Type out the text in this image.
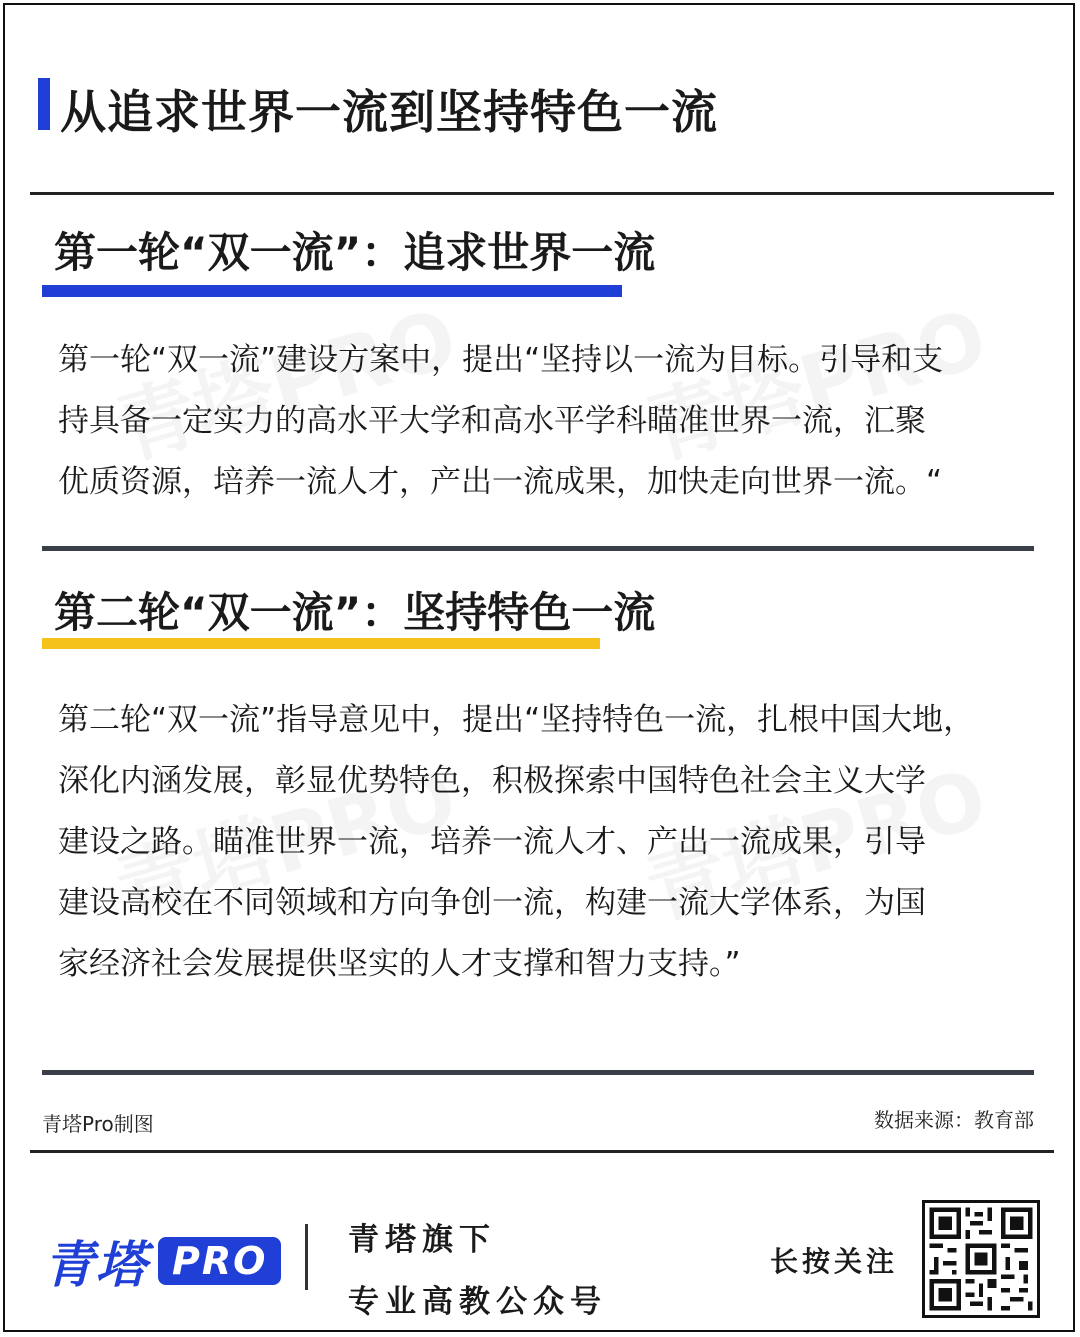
从追求世界一流到坚持特色一流
第一轮“双一流”：追求世界一流
第一轮“双一流”建设方案中，提出“坚持以一流为目标。引导和支
持具备一定实力的高水平大学和高水平学科瞄准世界一流，汇聚
优质资源，培养一流人才，产出一流成果，加快走向世界一流。“
第二轮“双一流”：坚持特色一流
第二轮“双一流”指导意见中，提出“坚持特色一流，扎根中国大地，
深化内涵发展，彰显优势特色，积极探索中国特色社会主义大学
建设之路。瞄准世界一流，培养一流人才、产出一流成果，引导
建设高校在不同领域和方向争创一流，构建一流大学体系，为国
家经济社会发展提供坚实的人才支撑和智力支持。”
青塔Pro制图	数据来源：教育部
青塔 PRO	青塔旗下
专业高教公众号
长按关注
